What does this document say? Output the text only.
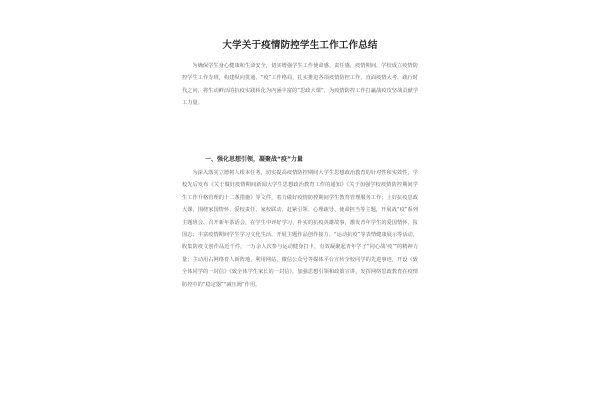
大学关于疫情防控学生工作工作总结

为确保学生身心健康和生命安全，切实增强学生工作使命感、责任感，疫情期间，学校成立疫情防控学生工作专班，构建纵向贯通、“疫”工作格局，扎实推进各项疫情防控工作，直面疫情大考，践行时代之问，将生动鲜活的抗疫实践转化为内涵丰富的“思政大课”，为疫情防控工作打赢战疫攻坚战贡献学工力量。

一、强化思想引领，凝聚战“疫”力量

为深入落实立德树人根本任务，切实提高疫情防控期间大学生思想政治教育的针对性和实效性，学校先后发布《关于做好疫情期间新闻大学生思想政治教育工作的通知》《关于加强学校疫情防控期间学生工作升格管理的十二条措施》等文件，着力做好疫情防控期间学生教育管理服务工作；上好抗疫思政大课，围绕家国情怀、爱校责任、家校联动、赶紧引领、心理疏导、使命担当等主题，开展战“疫”系列主题班会、召开新年茶话会，在学生中评好学习、朴实的抗疫英雄故事，激发青年学生的爱国情怀、报国志；丰富疫情期间学生学习文化生活，开展主题作品创作接力、“运动抗疫”等表情健康展示等活动，收集防疫文创作品近千件，一万余人次参与运动健身打卡，有效凝聚起青年学子“同心战‘疫’”的精神力量；主动用占网络育人新阵地，利用网站、微信公众号等媒体平台宣传全校同学的先进事迹，开设《致全体同学的一封信》《致全体学生家长的一封信》，加强思想引领和政策宣讲，发挥网络思政教育在疫情防控中的“稳定器”“减压阀”作用。
